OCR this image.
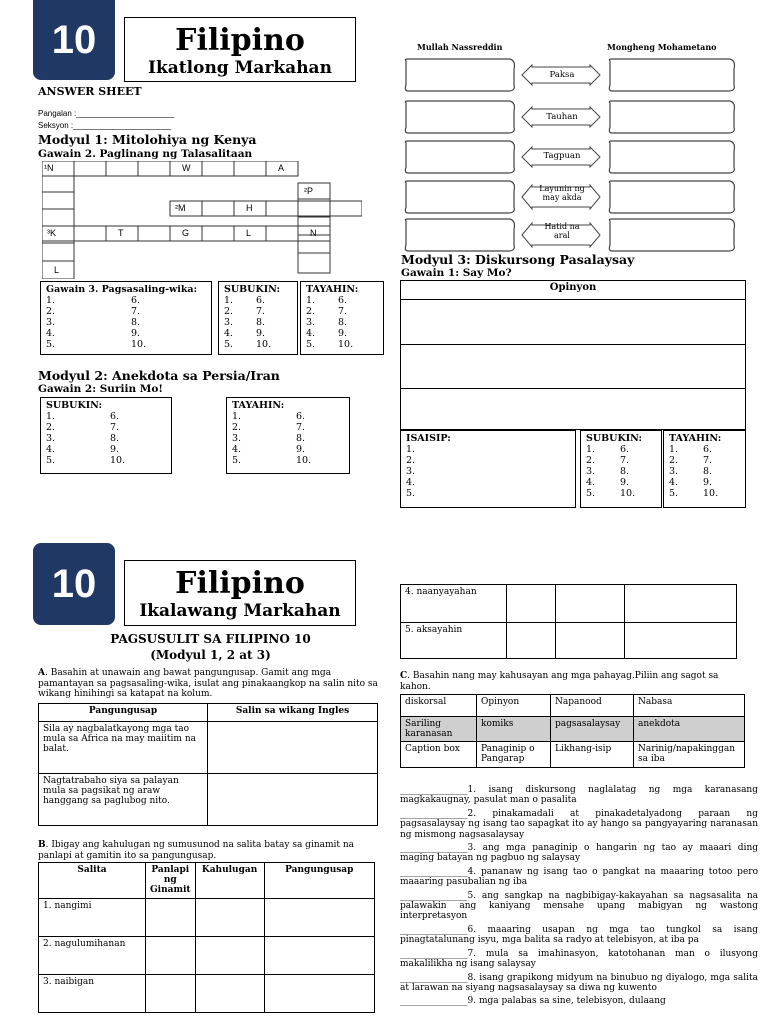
10	Filipino
Ikatlong Markahan
ANSWER SHEET
Pangalan :______________________
Seksyon :______________________
Modyul 1: Mitolohiya ng Kenya
Gawain 2. Paglinang ng Talasalitaan
¹N	W	A
²P
²M	H
³K	T	G	L	N
L
Gawain 3. Pagsasaling-wika:
1.	6.
2.	7.
3.	8.
4.	9.
5.	10.
SUBUKIN:
1.	6.
2.	7.
3.	8.
4.	9.
5.	10.
TAYAHIN:
1.	6.
2.	7.
3.	8.
4.	9.
5.	10.
Modyul 2: Anekdota sa Persia/Iran
Gawain 2: Suriin Mo!
SUBUKIN:
1.	6.
2.	7.
3.	8.
4.	9.
5.	10.
TAYAHIN:
1.	6.
2.	7.
3.	8.
4.	9.
5.	10.
Mullah Nassreddin	Mongheng Mohametano
Paksa
Tauhan
Tagpuan
Layunin ng may akda
Hatid na aral
Modyul 3: Diskursong Pasalaysay
Gawain 1: Say Mo?
Opinyon
ISAISIP:
1.
2.
3.
4.
5.
SUBUKIN:
1.	6.
2.	7.
3.	8.
4.	9.
5.	10.
TAYAHIN:
1.	6.
2.	7.
3.	8.
4.	9.
5.	10.
10	Filipino
Ikalawang Markahan
PAGSUSULIT SA FILIPINO 10
(Modyul 1, 2 at 3)
A. Basahin at unawain ang bawat pangungusap. Gamit ang mga pamantayan sa pagsasaling-wika, isulat ang pinakaangkop na salin nito sa wikang hinihingi sa katapat na kolum.
Pangungusap	Salin sa wikang Ingles
Sila ay nagbalatkayong mga tao mula sa Africa na may maiitim na balat.	
Nagtatrabaho siya sa palayan mula sa pagsikat ng araw hanggang sa paglubog nito.	
B. Ibigay ang kahulugan ng sumusunod na salita batay sa ginamit na panlapi at gamitin ito sa pangungusap.
Salita	Panlapi ng Ginamit	Kahulugan	Pangungusap
1. nangimi			
2. nagulumihanan			
3. naibigan			
4. naanyayahan			
5. aksayahin			
C. Basahin nang may kahusayan ang mga pahayag.Piliin ang sagot sa kahon.
diskorsal	Opinyon	Napanood	Nabasa
Sariling karanasan	komiks	pagsasalaysay	anekdota
Caption box	Panaginip o Pangarap	Likhang-isip	Narinig/napakinggan sa iba
_______________1. isang diskursong naglalatag ng mga karanasang magkakaugnay, pasulat man o pasalita
_______________2. pinakamadali at pinakadetalyadong paraan ng pagsasalaysay ng isang tao sapagkat ito ay hango sa pangyayaring naranasan ng mismong nagsasalaysay
_______________3. ang mga panaginip o hangarin ng tao ay maaari ding maging batayan ng pagbuo ng salaysay
_______________4. pananaw ng isang tao o pangkat na maaaring totoo pero maaaring pasubalian ng iba
_______________5. ang sangkap na nagbibigay-kakayahan sa nagsasalita na palawakin ang kaniyang mensahe upang mabigyan ng wastong interpretasyon
_______________6. maaaring usapan ng mga tao tungkol sa isang pinagtatalunang isyu, mga balita sa radyo at telebisyon, at iba pa
_______________7. mula sa imahinasyon, katotohanan man o ilusyong makalilikha ng isang salaysay
_______________8. isang grapikong midyum na binubuo ng diyalogo, mga salita at larawan na siyang nagsasalaysay sa diwa ng kuwento
_______________9. mga palabas sa sine, telebisyon, dulaang
